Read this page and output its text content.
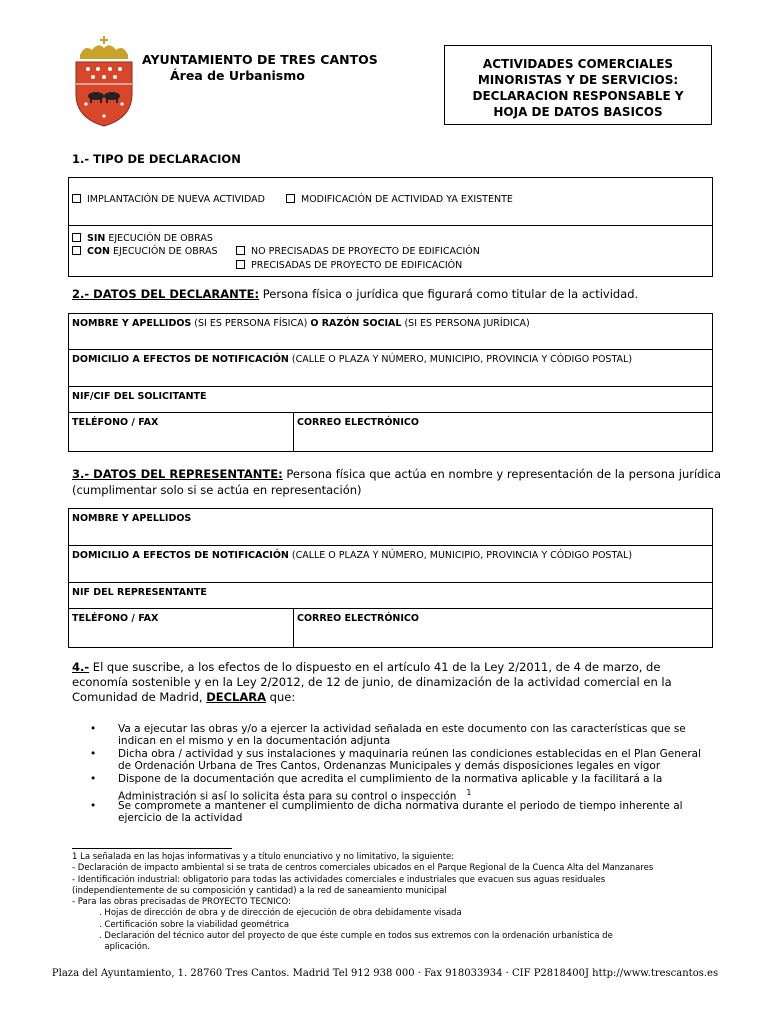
AYUNTAMIENTO DE TRES CANTOS
Área de Urbanismo
ACTIVIDADES COMERCIALES
MINORISTAS Y DE SERVICIOS:
DECLARACION RESPONSABLE Y
HOJA DE DATOS BASICOS
1.- TIPO DE DECLARACION
IMPLANTACIÓN DE NUEVA ACTIVIDAD	MODIFICACIÓN DE ACTIVIDAD YA EXISTENTE
SIN EJECUCIÓN DE OBRAS
CON EJECUCIÓN DE OBRAS	NO PRECISADAS DE PROYECTO DE EDIFICACIÓN
PRECISADAS DE PROYECTO DE EDIFICACIÓN
2.- DATOS DEL DECLARANTE: Persona física o jurídica que figurará como titular de la actividad.
NOMBRE Y APELLIDOS (SI ES PERSONA FÍSICA) O RAZÓN SOCIAL (SI ES PERSONA JURÍDICA)
DOMICILIO A EFECTOS DE NOTIFICACIÓN (CALLE O PLAZA Y NÚMERO, MUNICIPIO, PROVINCIA Y CÓDIGO POSTAL)
NIF/CIF DEL SOLICITANTE
TELÉFONO / FAX	CORREO ELECTRÓNICO
3.- DATOS DEL REPRESENTANTE: Persona física que actúa en nombre y representación de la persona jurídica
(cumplimentar solo si se actúa en representación)
NOMBRE Y APELLIDOS
DOMICILIO A EFECTOS DE NOTIFICACIÓN (CALLE O PLAZA Y NÚMERO, MUNICIPIO, PROVINCIA Y CÓDIGO POSTAL)
NIF DEL REPRESENTANTE
TELÉFONO / FAX	CORREO ELECTRÓNICO
4.- El que suscribe, a los efectos de lo dispuesto en el artículo 41 de la Ley 2/2011, de 4 de marzo, de
economía sostenible y en la Ley 2/2012, de 12 de junio, de dinamización de la actividad comercial en la
Comunidad de Madrid, DECLARA que:
• Va a ejecutar las obras y/o a ejercer la actividad señalada en este documento con las características que se
indican en el mismo y en la documentación adjunta
• Dicha obra / actividad y sus instalaciones y maquinaria reúnen las condiciones establecidas en el Plan General
de Ordenación Urbana de Tres Cantos, Ordenanzas Municipales y demás disposiciones legales en vigor
• Dispone de la documentación que acredita el cumplimiento de la normativa aplicable y la facilitará a la
Administración si así lo solicita ésta para su control o inspección $^1$
• Se compromete a mantener el cumplimiento de dicha normativa durante el periodo de tiempo inherente al
ejercicio de la actividad
1 La señalada en las hojas informativas y a título enunciativo y no limitativo, la siguiente:
- Declaración de impacto ambiental si se trata de centros comerciales ubicados en el Parque Regional de la Cuenca Alta del Manzanares
- Identificación industrial: obligatorio para todas las actividades comerciales e industriales que evacuen sus aguas residuales
(independientemente de su composición y cantidad) a la red de saneamiento municipal
- Para las obras precisadas de PROYECTO TECNICO:
. Hojas de dirección de obra y de dirección de ejecución de obra debidamente visada
. Certificación sobre la viabilidad geométrica
. Declaración del técnico autor del proyecto de que éste cumple en todos sus extremos con la ordenación urbanística de
aplicación.
Plaza del Ayuntamiento, 1. 28760 Tres Cantos. Madrid Tel 912 938 000 · Fax 918033934 · CIF P2818400J http://www.trescantos.es
